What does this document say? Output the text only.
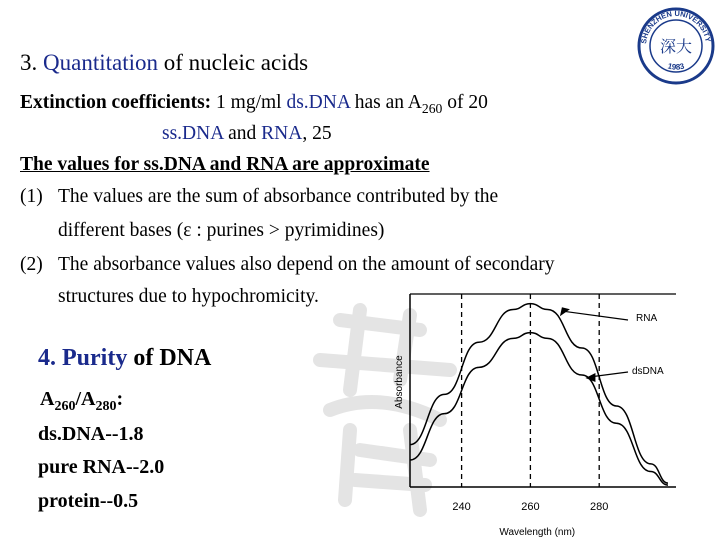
SHENZHEN UNIVERSITY
1983
深大
3. Quantitation of nucleic acids
Extinction coefficients: 1 mg/ml ds.DNA has an $A_{260}$ of 20
ss.DNA and RNA, 25
The values for ss.DNA and RNA are approximate
(1) The values are the sum of absorbance contributed by the
different bases (ε : purines > pyrimidines)
(2) The absorbance values also depend on the amount of secondary
structures due to hypochromicity.
4. Purity of DNA
$A_{260}/A_{280}$:
ds.DNA--1.8
pure RNA--2.0
protein--0.5	240	260	280
RNA
dsDNA
Absorbance
Wavelength (nm)
